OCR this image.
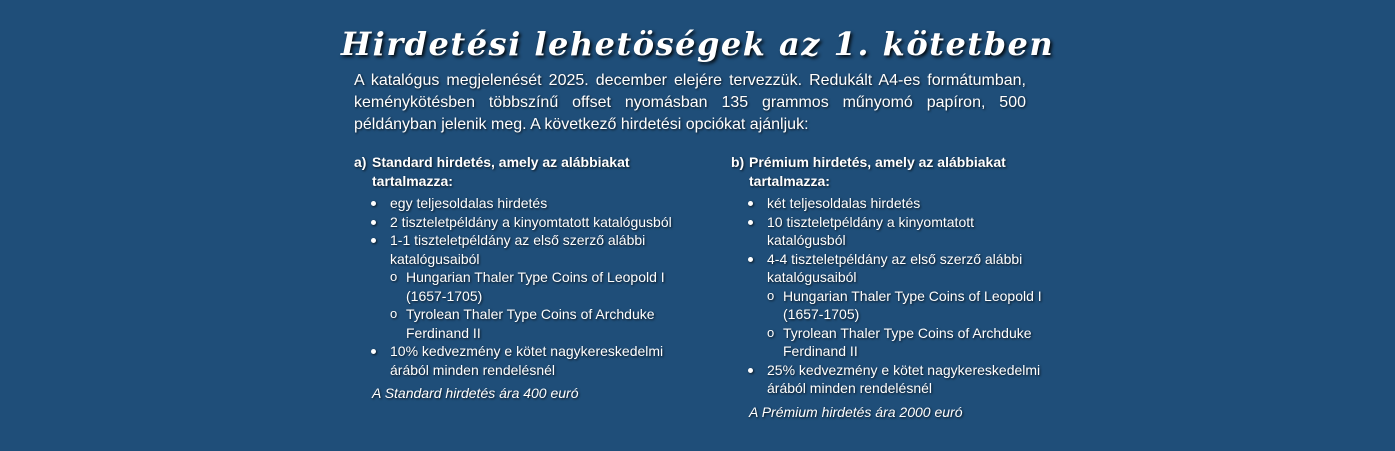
Hirdetési lehetöségek az 1. kötetben

A katalógus megjelenését 2025. december elejére tervezzük. Redukált A4-es formátumban, keménykötésben többszínű offset nyomásban 135 grammos műnyomó papíron, 500 példányban jelenik meg. A következő hirdetési opciókat ajánljuk:

a) Standard hirdetés, amely az alábbiakat tartalmazza:
egy teljesoldalas hirdetés
2 tiszteletpéldány a kinyomtatott katalógusból
1-1 tiszteletpéldány az első szerző alábbi katalógusaiból
o Hungarian Thaler Type Coins of Leopold I (1657-1705)
o Tyrolean Thaler Type Coins of Archduke Ferdinand II
10% kedvezmény e kötet nagykereskedelmi árából minden rendelésnél
A Standard hirdetés ára 400 euró
b) Prémium hirdetés, amely az alábbiakat tartalmazza:
két teljesoldalas hirdetés
10 tiszteletpéldány a kinyomtatott katalógusból
4-4 tiszteletpéldány az első szerző alábbi katalógusaiból
o Hungarian Thaler Type Coins of Leopold I (1657-1705)
o Tyrolean Thaler Type Coins of Archduke Ferdinand II
25% kedvezmény e kötet nagykereskedelmi árából minden rendelésnél
A Prémium hirdetés ára 2000 euró
